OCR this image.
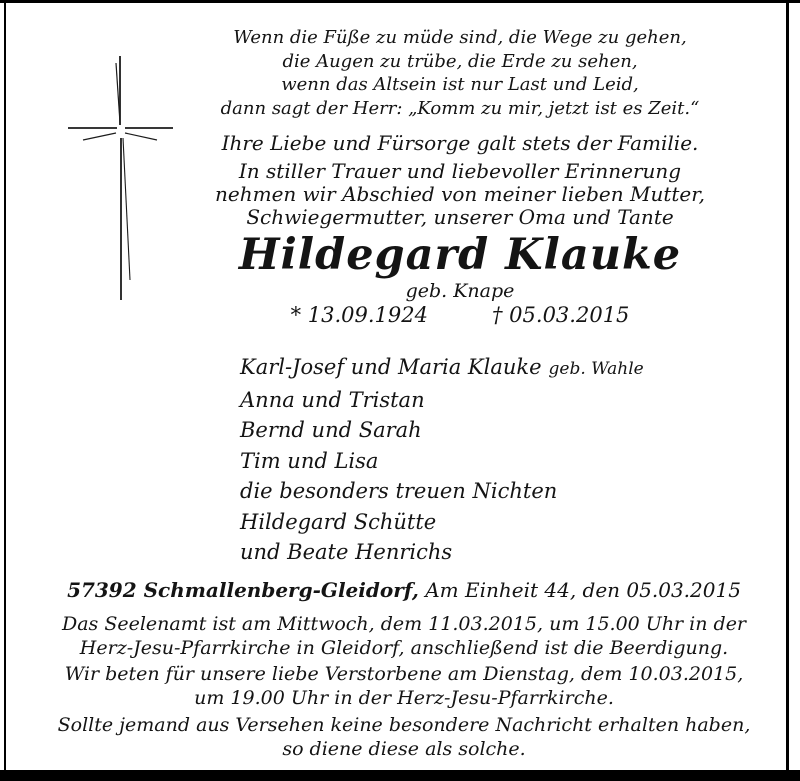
Wenn die Füße zu müde sind, die Wege zu gehen,
die Augen zu trübe, die Erde zu sehen,
wenn das Altsein ist nur Last und Leid,
dann sagt der Herr: „Komm zu mir, jetzt ist es Zeit.“
Ihre Liebe und Fürsorge galt stets der Familie.
In stiller Trauer und liebevoller Erinnerung
nehmen wir Abschied von meiner lieben Mutter,
Schwiegermutter, unserer Oma und Tante
Hildegard Klauke
geb. Knape
* 13.09.1924	† 05.03.2015
Karl-Josef und Maria Klauke geb. Wahle
Anna und Tristan
Bernd und Sarah
Tim und Lisa
die besonders treuen Nichten
Hildegard Schütte
und Beate Henrichs
57392 Schmallenberg-Gleidorf, Am Einheit 44, den 05.03.2015
Das Seelenamt ist am Mittwoch, dem 11.03.2015, um 15.00 Uhr in der
Herz-Jesu-Pfarrkirche in Gleidorf, anschließend ist die Beerdigung.
Wir beten für unsere liebe Verstorbene am Dienstag, dem 10.03.2015,
um 19.00 Uhr in der Herz-Jesu-Pfarrkirche.
Sollte jemand aus Versehen keine besondere Nachricht erhalten haben,
so diene diese als solche.
